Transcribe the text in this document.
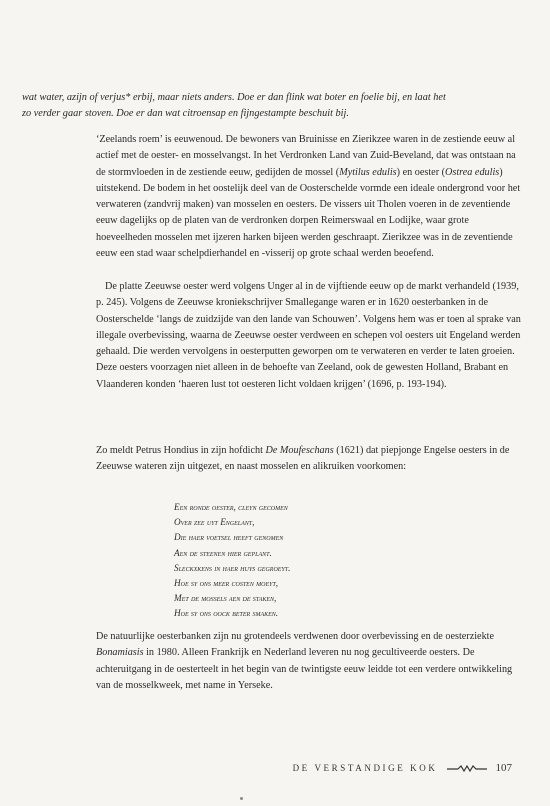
wat water, azijn of verjus* erbij, maar niets anders. Doe er dan flink wat boter en foelie bij, en laat het

zo verder gaar stoven. Doe er dan wat citroensap en fijngestampte beschuit bij.

‘Zeelands roem’ is eeuwenoud. De bewoners van Bruinisse en Zierikzee waren in de zestiende eeuw al actief met de oester- en mosselvangst. In het Verdronken Land van Zuid-Beveland, dat was ontstaan na de stormvloeden in de zestiende eeuw, gedijden de mossel (Mytilus edulis) en oester (Ostrea edulis) uitstekend. De bodem in het oostelijk deel van de Oosterschelde vormde een ideale ondergrond voor het verwateren (zandvrij maken) van mosselen en oesters. De vissers uit Tholen voeren in de zeventiende eeuw dagelijks op de platen van de verdronken dorpen Reimerswaal en Lodijke, waar grote hoeveelheden mosselen met ijzeren harken bijeen werden geschraapt. Zierikzee was in de zeventiende eeuw een stad waar schelpdierhandel en -visserij op grote schaal werden beoefend.

De platte Zeeuwse oester werd volgens Unger al in de vijftiende eeuw op de markt verhandeld (1939, p. 245). Volgens de Zeeuwse kroniekschrijver Smallegange waren er in 1620 oesterbanken in de Oosterschelde ‘langs de zuidzijde van den lande van Schouwen’. Volgens hem was er toen al sprake van illegale overbevissing, waarna de Zeeuwse oester verdween en schepen vol oesters uit Engeland werden gehaald. Die werden vervolgens in oesterputten geworpen om te verwateren en verder te laten groeien. Deze oesters voorzagen niet alleen in de behoefte van Zeeland, ook de gewesten Holland, Brabant en Vlaanderen konden ‘haeren lust tot oesteren licht voldaen krijgen’ (1696, p. 193-194).

Zo meldt Petrus Hondius in zijn hofdicht De Moufeschans (1621) dat piepjonge Engelse oesters in de Zeeuwse wateren zijn uitgezet, en naast mosselen en alikruiken voorkomen:

Een ronde oester, cleyn gecomen
Over zee uyt Engelant,
Die haer voetsel heeft genomen
Aen de steenen hier geplant.
Sleckxkens in haer huys gegroeyt.
Hoe sy ons meer costen moeyt,
Met de mossels aen de staken,
Hoe sy ons oock beter smaken.

De natuurlijke oesterbanken zijn nu grotendeels verdwenen door overbevissing en de oesterziekte Bonamiasis in 1980. Alleen Frankrijk en Nederland leveren nu nog gecultiveerde oesters. De achteruitgang in de oesterteelt in het begin van de twintigste eeuw leidde tot een verdere ontwikkeling van de mosselkweek, met name in Yerseke.

DE VERSTANDIGE KOK	107
